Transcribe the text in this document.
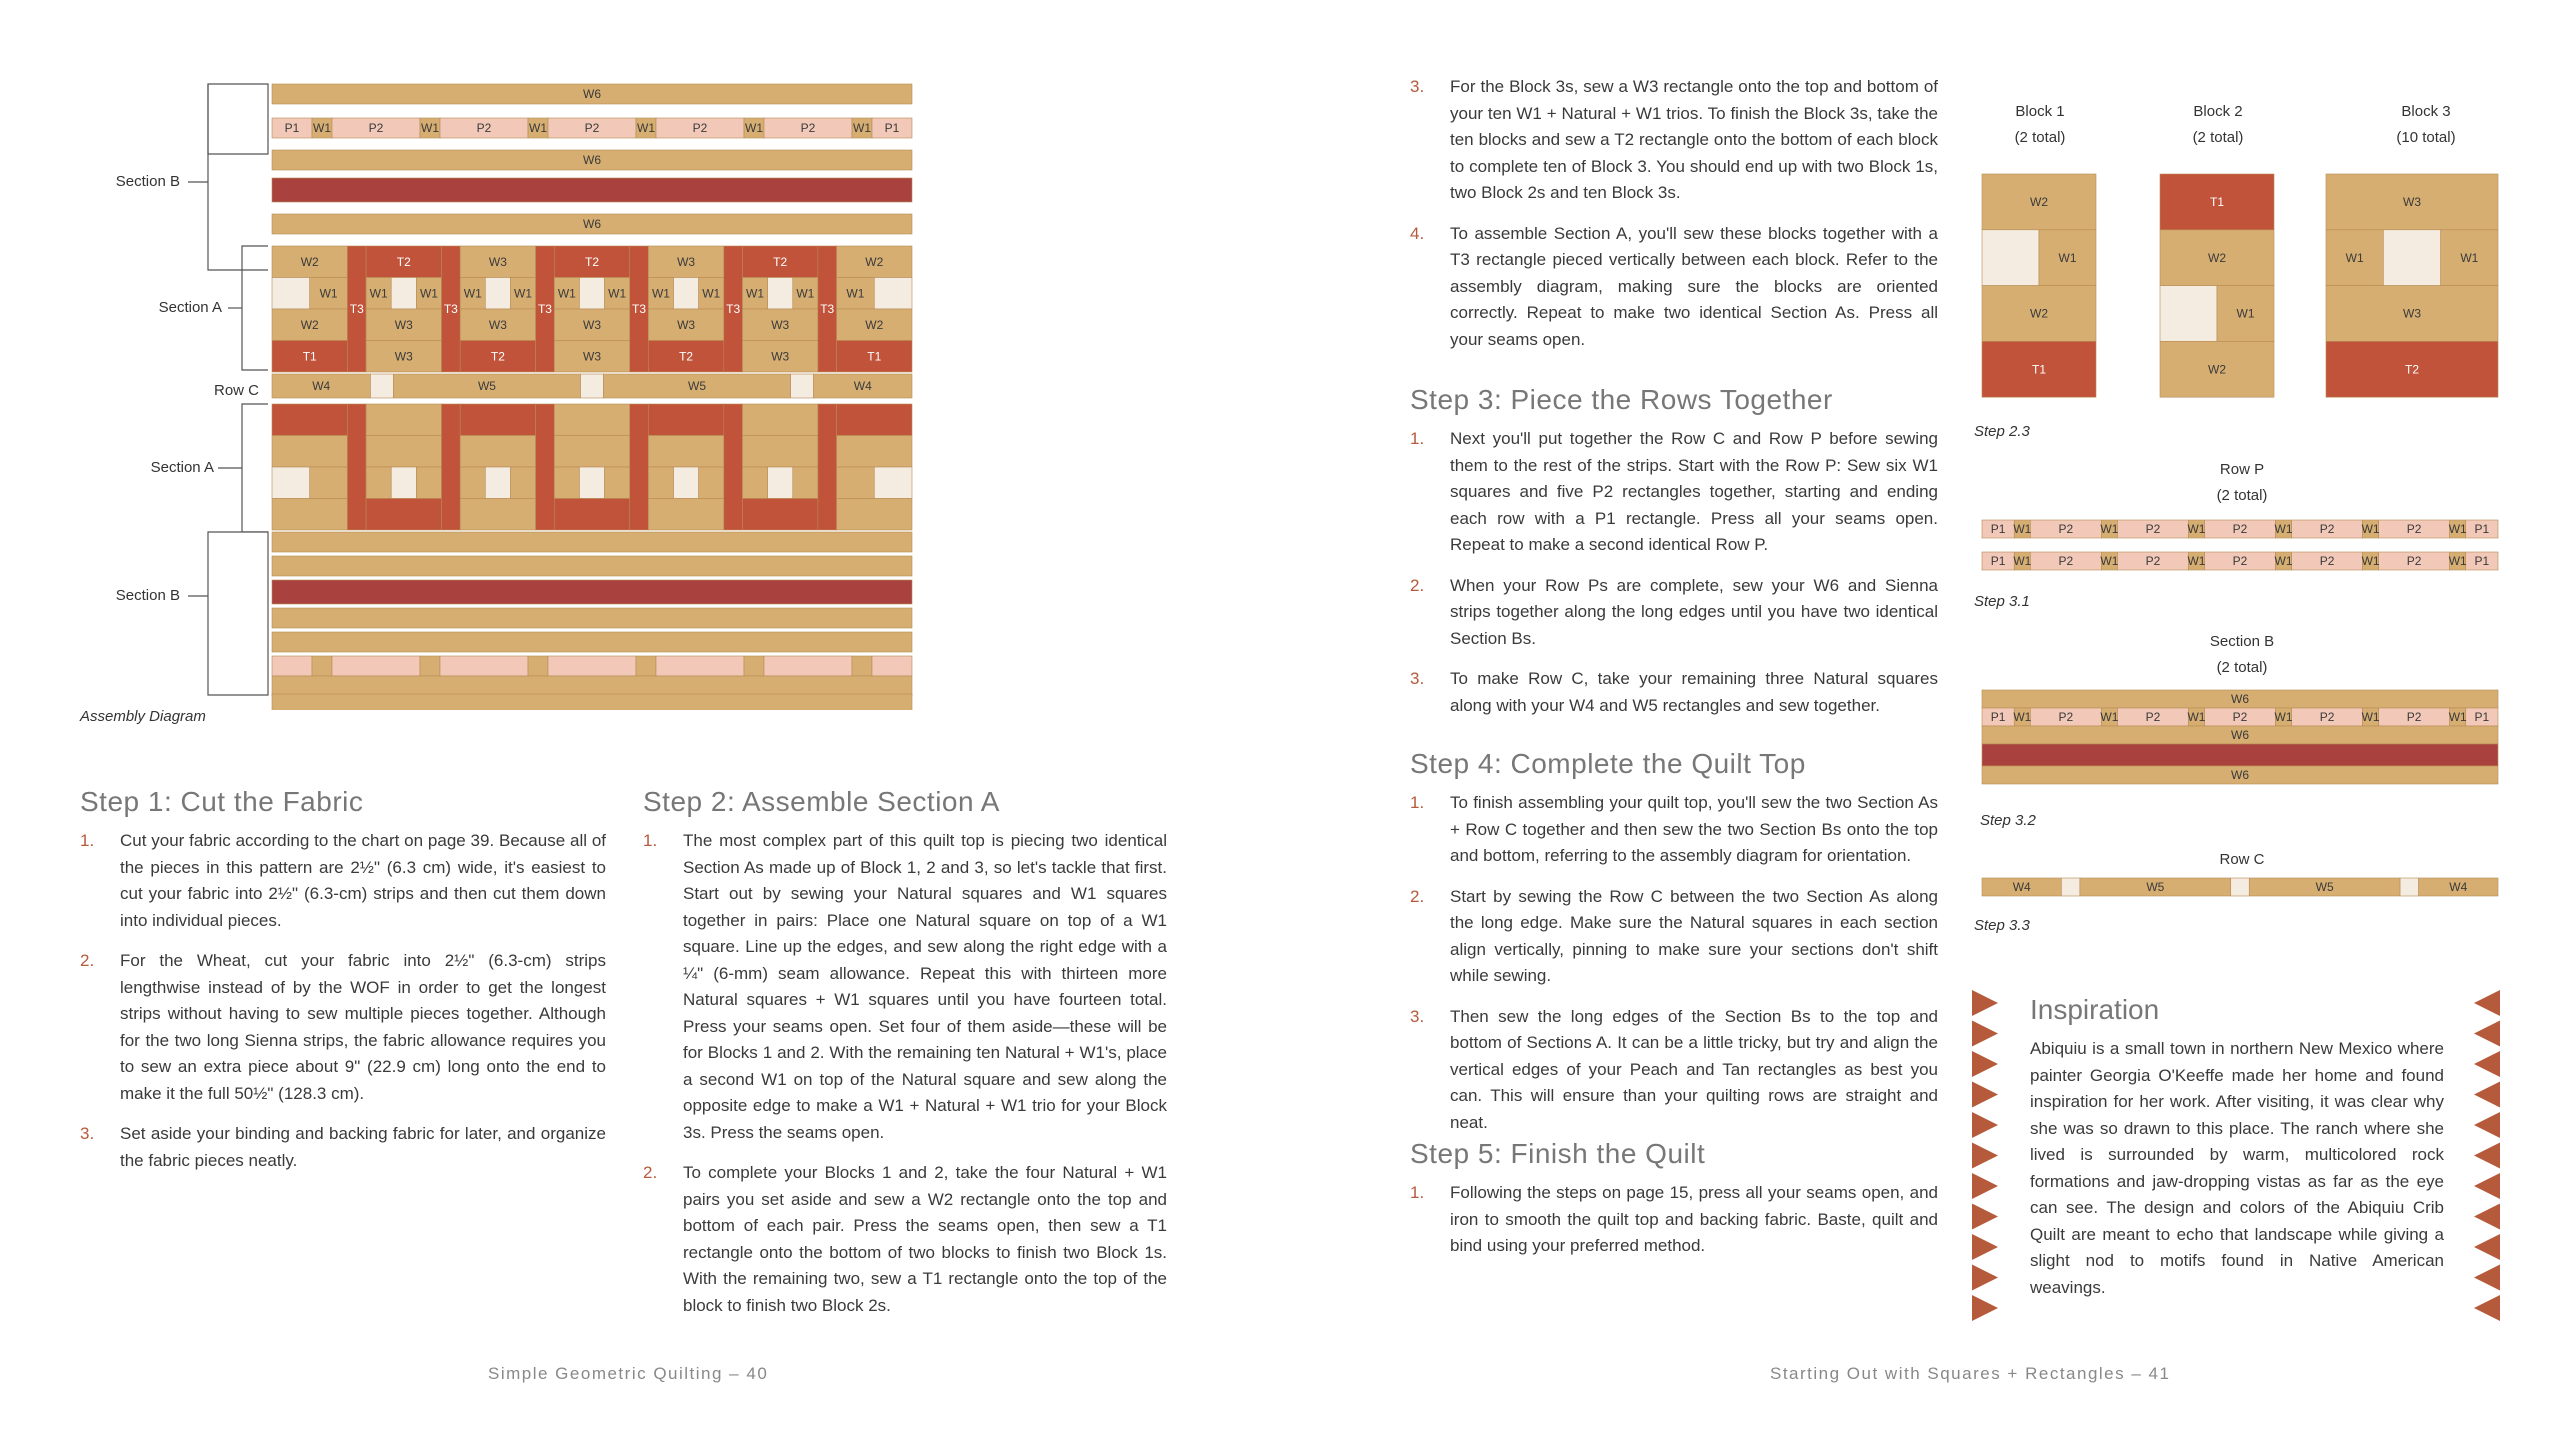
W6
P1 W1	P2	W1	P2	W1	P2	W1	P2	W1	P2	W1 P1
W6
W6
W2
W1
W2
T1
T3
T2
W1	W1
W3
W3
T3
W3
W1	W1
W3
T2
T3
T2
W1	W1
W3
W3
T3
W3
W1	W1
W3
T2
T3
T2
W1	W1
W3
W3
T3
W2
W1
W2
T1
W4	W5	W5	W4
Section B
Section A
Row C
Section A
Section B
Assembly Diagram
Step 1: Cut the Fabric
1. Cut your fabric according to the chart on page 39. Because all of the pieces in this pattern are 2½" (6.3 cm) wide, it's easiest to cut your fabric into 2½" (6.3-cm) strips and then cut them down into individual pieces.
2. For the Wheat, cut your fabric into 2½" (6.3-cm) strips lengthwise instead of by the WOF in order to get the longest strips without having to sew multiple pieces together. Although for the two long Sienna strips, the fabric allowance requires you to sew an extra piece about 9" (22.9 cm) long onto the end to make it the full 50½" (128.3 cm).
3. Set aside your binding and backing fabric for later, and organize the fabric pieces neatly.
Step 2: Assemble Section A
1. The most complex part of this quilt top is piecing two identical Section As made up of Block 1, 2 and 3, so let's tackle that first. Start out by sewing your Natural squares and W1 squares together in pairs: Place one Natural square on top of a W1 square. Line up the edges, and sew along the right edge with a ¼" (6-mm) seam allowance. Repeat this with thirteen more Natural squares + W1 squares until you have fourteen total. Press your seams open. Set four of them aside—these will be for Blocks 1 and 2. With the remaining ten Natural + W1's, place a second W1 on top of the Natural square and sew along the opposite edge to make a W1 + Natural + W1 trio for your Block 3s. Press the seams open.
2. To complete your Blocks 1 and 2, take the four Natural + W1 pairs you set aside and sew a W2 rectangle onto the top and bottom of each pair. Press the seams open, then sew a T1 rectangle onto the bottom of two blocks to finish two Block 1s. With the remaining two, sew a T1 rectangle onto the top of the block to finish two Block 2s.
Simple Geometric Quilting – 40
3. For the Block 3s, sew a W3 rectangle onto the top and bottom of your ten W1 + Natural + W1 trios. To finish the Block 3s, take the ten blocks and sew a T2 rectangle onto the bottom of each block to complete ten of Block 3. You should end up with two Block 1s, two Block 2s and ten Block 3s.
4. To assemble Section A, you'll sew these blocks together with a T3 rectangle pieced vertically between each block. Refer to the assembly diagram, making sure the blocks are oriented correctly. Repeat to make two identical Section As. Press all your seams open.
Step 3: Piece the Rows Together
1. Next you'll put together the Row C and Row P before sewing them to the rest of the strips. Start with the Row P: Sew six W1 squares and five P2 rectangles together, starting and ending each row with a P1 rectangle. Press all your seams open. Repeat to make a second identical Row P.
2. When your Row Ps are complete, sew your W6 and Sienna strips together along the long edges until you have two identical Section Bs.
3. To make Row C, take your remaining three Natural squares along with your W4 and W5 rectangles and sew together.
Step 4: Complete the Quilt Top
1. To finish assembling your quilt top, you'll sew the two Section As + Row C together and then sew the two Section Bs onto the top and bottom, referring to the assembly diagram for orientation.
2. Start by sewing the Row C between the two Section As along the long edge. Make sure the Natural squares in each section align vertically, pinning to make sure your sections don't shift while sewing.
3. Then sew the long edges of the Section Bs to the top and bottom of Sections A. It can be a little tricky, but try and align the vertical edges of your Peach and Tan rectangles as best you can. This will ensure than your quilting rows are straight and neat.
Step 5: Finish the Quilt
1. Following the steps on page 15, press all your seams open, and iron to smooth the quilt top and backing fabric. Baste, quilt and bind using your preferred method.
Block 1
(2 total)
Block 2
(2 total)
Block 3
(10 total)
Row P
(2 total)
Section B
(2 total)
Row C
Step 2.3
Step 3.1
Step 3.2
Step 3.3
W2
W1
W2
T1
T1
W2
W1
W2
W3
W1	W1
W3
T2
P1 W1 P2 W1 P2 W1 P2 W1 P2 W1 P2 W1 P1
P1 W1 P2 W1 P2 W1 P2 W1 P2 W1 P2 W1 P1
W6
P1 W1 P2 W1 P2 W1 P2 W1 P2 W1 P2 W1 P1
W6
W6
W4	W5	W5	W4
Inspiration
Abiquiu is a small town in northern New Mexico where painter Georgia O'Keeffe made her home and found inspiration for her work. After visiting, it was clear why she was so drawn to this place. The ranch where she lived is surrounded by warm, multicolored rock formations and jaw-dropping vistas as far as the eye can see. The design and colors of the Abiquiu Crib Quilt are meant to echo that landscape while giving a slight nod to motifs found in Native American weavings.
Starting Out with Squares + Rectangles – 41
